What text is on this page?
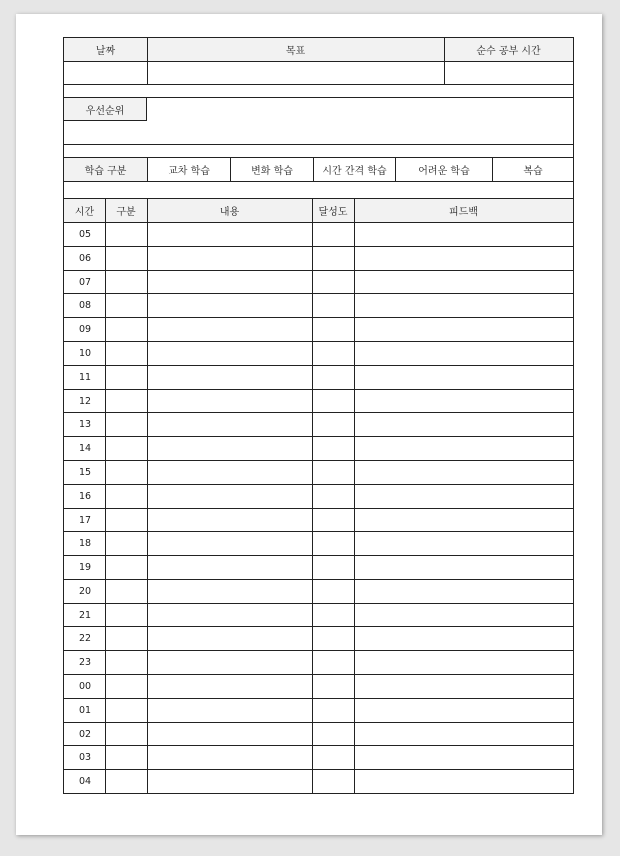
날짜	목표	순수 공부 시간
우선순위
학습 구분	교차 학습	변화 학습	시간 간격 학습	어려운 학습	복습
시간	구분	내용	달성도	피드백
05
06
07
08
09
10
11
12
13
14
15
16
17
18
19
20
21
22
23
00
01
02
03
04
